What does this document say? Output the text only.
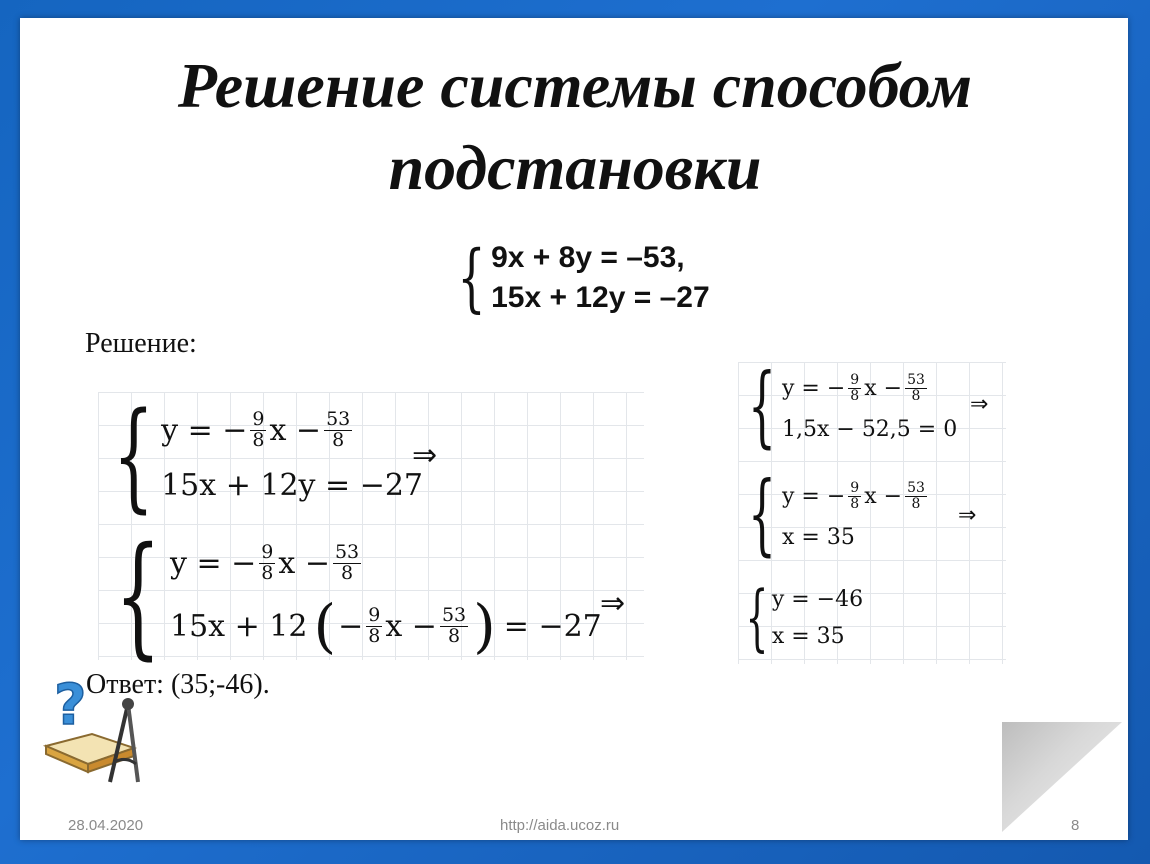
Решение системы способом
подстановки
{ 9x + 8y = –53,
15x + 12y = –27
Решение:
{ y = − $\frac{9}{8}$ $x - \frac{53}{8}$
15x + 12y = −27
⇒
{ y = − $\frac{9}{8}$ $x - \frac{53}{8}$
15x + 12 ( − $\frac{9}{8}$ $x - \frac{53}{8}$ ) = −27
⇒
{ y = − $\frac{9}{8}$ $x - \frac{53}{8}$
1,5x − 52,5 = 0
⇒
{ y = − $\frac{9}{8}$ $x - \frac{53}{8}$
x = 35
⇒
{ y = −46
x = 35
? Ответ: (35;-46).
28.04.2020	http://aida.ucoz.ru	8
